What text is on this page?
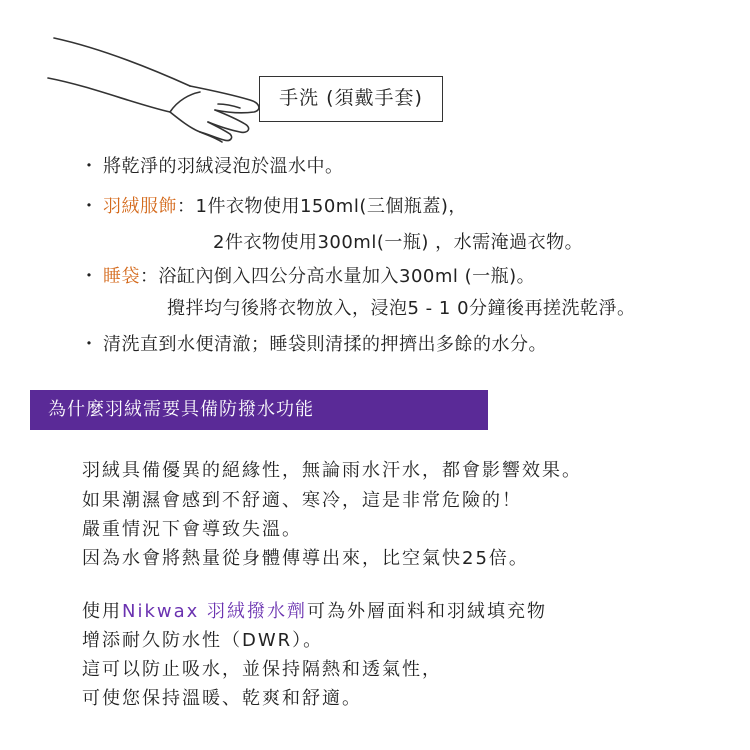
手洗 (須戴手套)
・ 將乾淨的羽絨浸泡於溫水中。
・ 羽絨服飾：1件衣物使用150ml(三個瓶蓋)，
2件衣物使用300ml(一瓶) ，水需淹過衣物。
・ 睡袋：浴缸內倒入四公分高水量加入300ml (一瓶)。
攪拌均勻後將衣物放入，浸泡5 - 1 0分鐘後再搓洗乾淨。
・ 清洗直到水便清澈；睡袋則清揉的押擠出多餘的水分。
為什麼羽絨需要具備防撥水功能
羽絨具備優異的絕緣性，無論雨水汗水，都會影響效果。
如果潮濕會感到不舒適、寒冷，這是非常危險的！
嚴重情況下會導致失溫。
因為水會將熱量從身體傳導出來，比空氣快25倍。
使用Nikwax 羽絨撥水劑可為外層面料和羽絨填充物
增添耐久防水性（DWR）。
這可以防止吸水，並保持隔熱和透氣性，
可使您保持溫暖、乾爽和舒適。
